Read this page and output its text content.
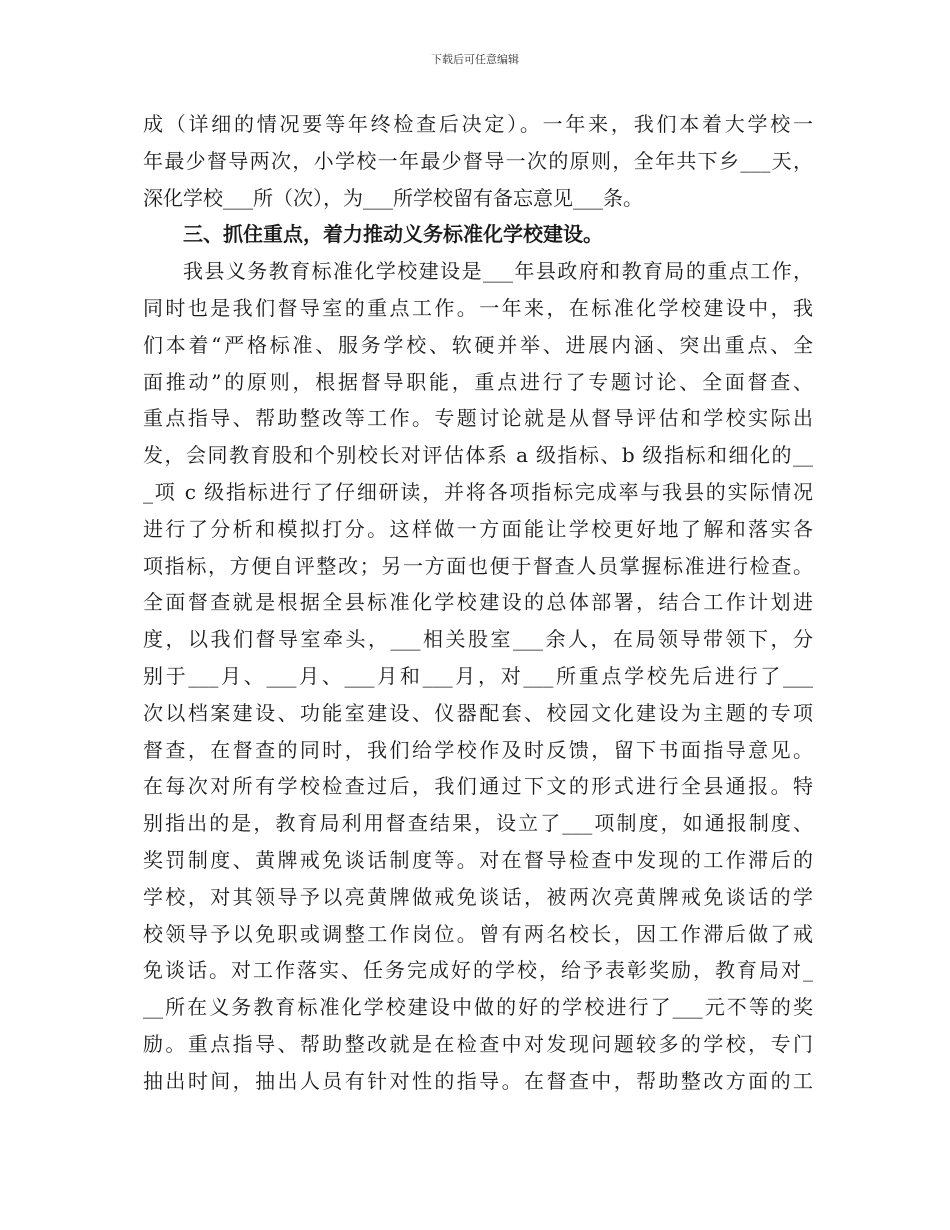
下载后可任意编辑
成（详细的情况要等年终检查后决定）。一年来，我们本着大学校一
年最少督导两次，小学校一年最少督导一次的原则，全年共下乡___天，
深化学校___所（次），为___所学校留有备忘意见___条。
三、抓住重点，着力推动义务标准化学校建设。
我县义务教育标准化学校建设是___年县政府和教育局的重点工作，
同时也是我们督导室的重点工作。一年来，在标准化学校建设中，我
们本着“严格标准、服务学校、软硬并举、进展内涵、突出重点、全
面推动”的原则，根据督导职能，重点进行了专题讨论、全面督查、
重点指导、帮助整改等工作。专题讨论就是从督导评估和学校实际出
发，会同教育股和个别校长对评估体系 a 级指标、b 级指标和细化的__
_项 c 级指标进行了仔细研读，并将各项指标完成率与我县的实际情况
进行了分析和模拟打分。这样做一方面能让学校更好地了解和落实各
项指标，方便自评整改；另一方面也便于督查人员掌握标准进行检查。
全面督查就是根据全县标准化学校建设的总体部署，结合工作计划进
度，以我们督导室牵头，___相关股室___余人，在局领导带领下，分
别于___月、___月、___月和___月，对___所重点学校先后进行了___
次以档案建设、功能室建设、仪器配套、校园文化建设为主题的专项
督查，在督查的同时，我们给学校作及时反馈，留下书面指导意见。
在每次对所有学校检查过后，我们通过下文的形式进行全县通报。特
别指出的是，教育局利用督查结果，设立了___项制度，如通报制度、
奖罚制度、黄牌戒免谈话制度等。对在督导检查中发现的工作滞后的
学校，对其领导予以亮黄牌做戒免谈话，被两次亮黄牌戒免谈话的学
校领导予以免职或调整工作岗位。曾有两名校长，因工作滞后做了戒
免谈话。对工作落实、任务完成好的学校，给予表彰奖励，教育局对_
__所在义务教育标准化学校建设中做的好的学校进行了___元不等的奖
励。重点指导、帮助整改就是在检查中对发现问题较多的学校，专门
抽出时间，抽出人员有针对性的指导。在督查中，帮助整改方面的工
